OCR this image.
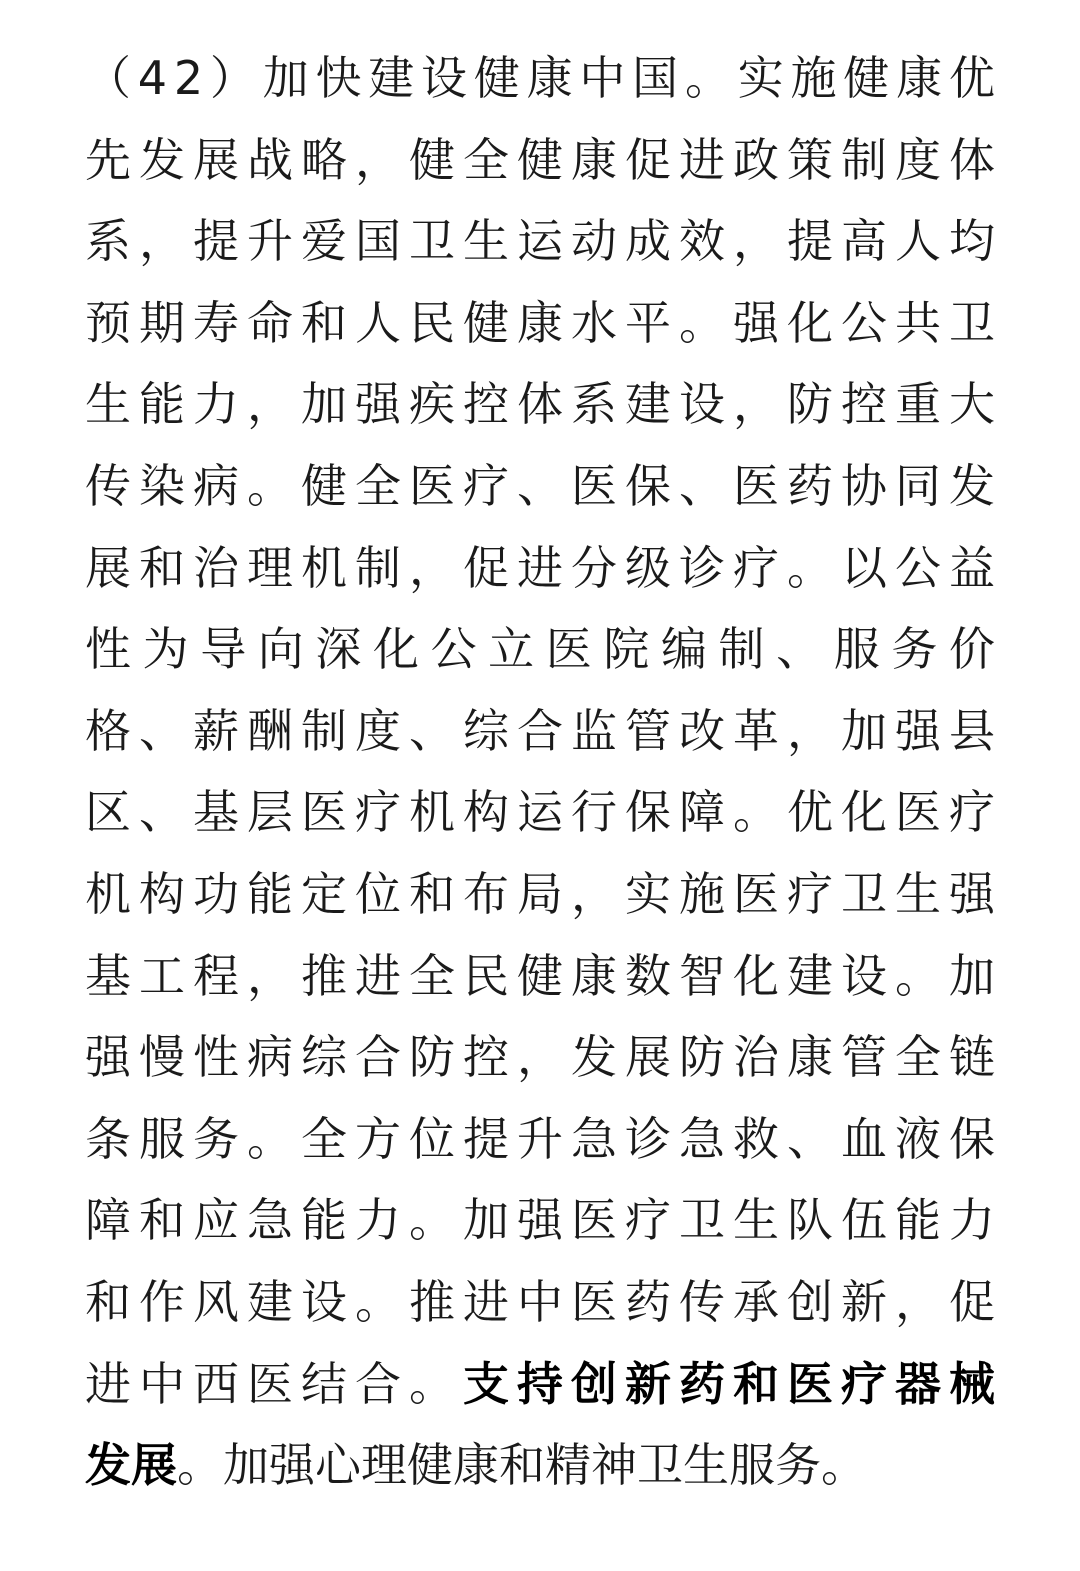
（ 4 2 ） 加 快 建 设 健 康 中 国 。 实 施 健 康 优
先 发 展 战 略 ， 健 全 健 康 促 进 政 策 制 度 体
系 ， 提 升 爱 国 卫 生 运 动 成 效 ， 提 高 人 均
预 期 寿 命 和 人 民 健 康 水 平 。 强 化 公 共 卫
生 能 力 ， 加 强 疾 控 体 系 建 设 ， 防 控 重 大
传 染 病 。 健 全 医 疗 、 医 保 、 医 药 协 同 发
展 和 治 理 机 制 ， 促 进 分 级 诊 疗 。 以 公 益
性 为 导 向 深 化 公 立 医 院 编 制 、 服 务 价
格 、 薪 酬 制 度 、 综 合 监 管 改 革 ， 加 强 县
区 、 基 层 医 疗 机 构 运 行 保 障 。 优 化 医 疗
机 构 功 能 定 位 和 布 局 ， 实 施 医 疗 卫 生 强
基 工 程 ， 推 进 全 民 健 康 数 智 化 建 设 。 加
强 慢 性 病 综 合 防 控 ， 发 展 防 治 康 管 全 链
条 服 务 。 全 方 位 提 升 急 诊 急 救 、 血 液 保
障 和 应 急 能 力 。 加 强 医 疗 卫 生 队 伍 能 力
和 作 风 建 设 。 推 进 中 医 药 传 承 创 新 ， 促
进 中 西 医 结 合 。 支 持 创 新 药 和 医 疗 器 械
发展 。加强心理健康和精神卫生服务。
